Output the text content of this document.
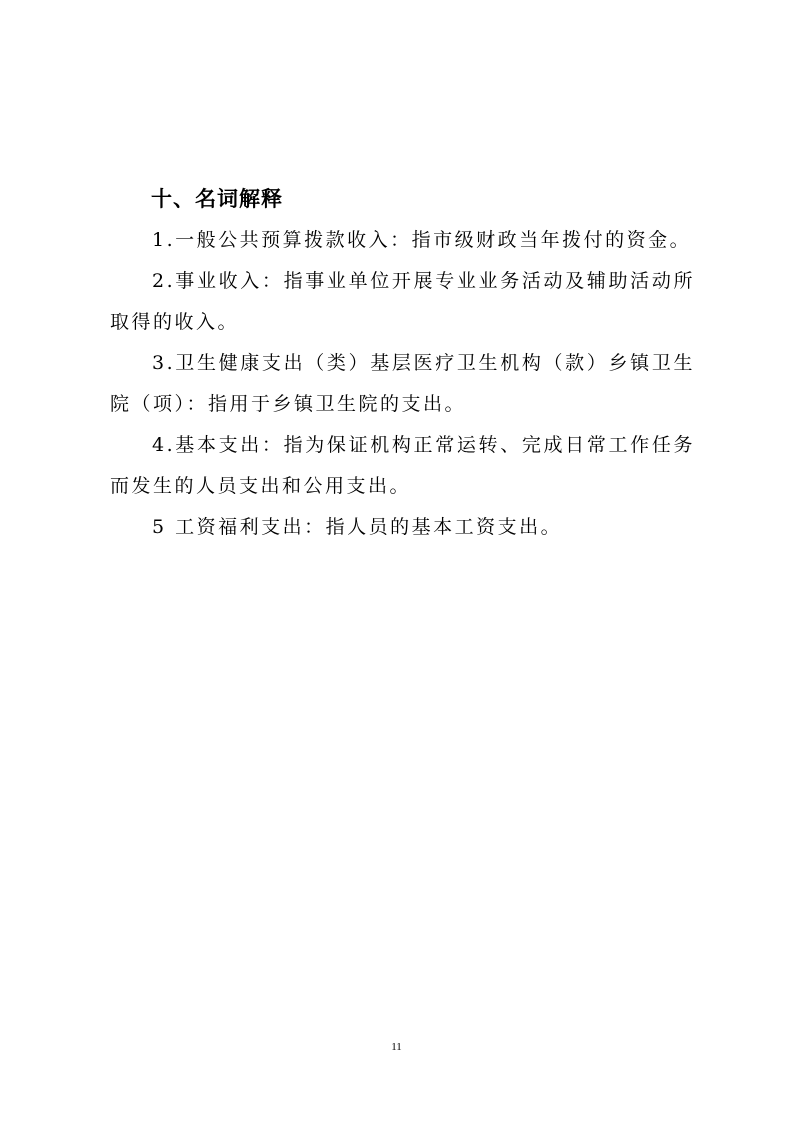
十、名词解释

1.一般公共预算拨款收入：指市级财政当年拨付的资金。

2.事业收入：指事业单位开展专业业务活动及辅助活动所取得的收入。

3.卫生健康支出（类）基层医疗卫生机构（款）乡镇卫生院（项）：指用于乡镇卫生院的支出。

4.基本支出：指为保证机构正常运转、完成日常工作任务而发生的人员支出和公用支出。

5 工资福利支出：指人员的基本工资支出。

11
